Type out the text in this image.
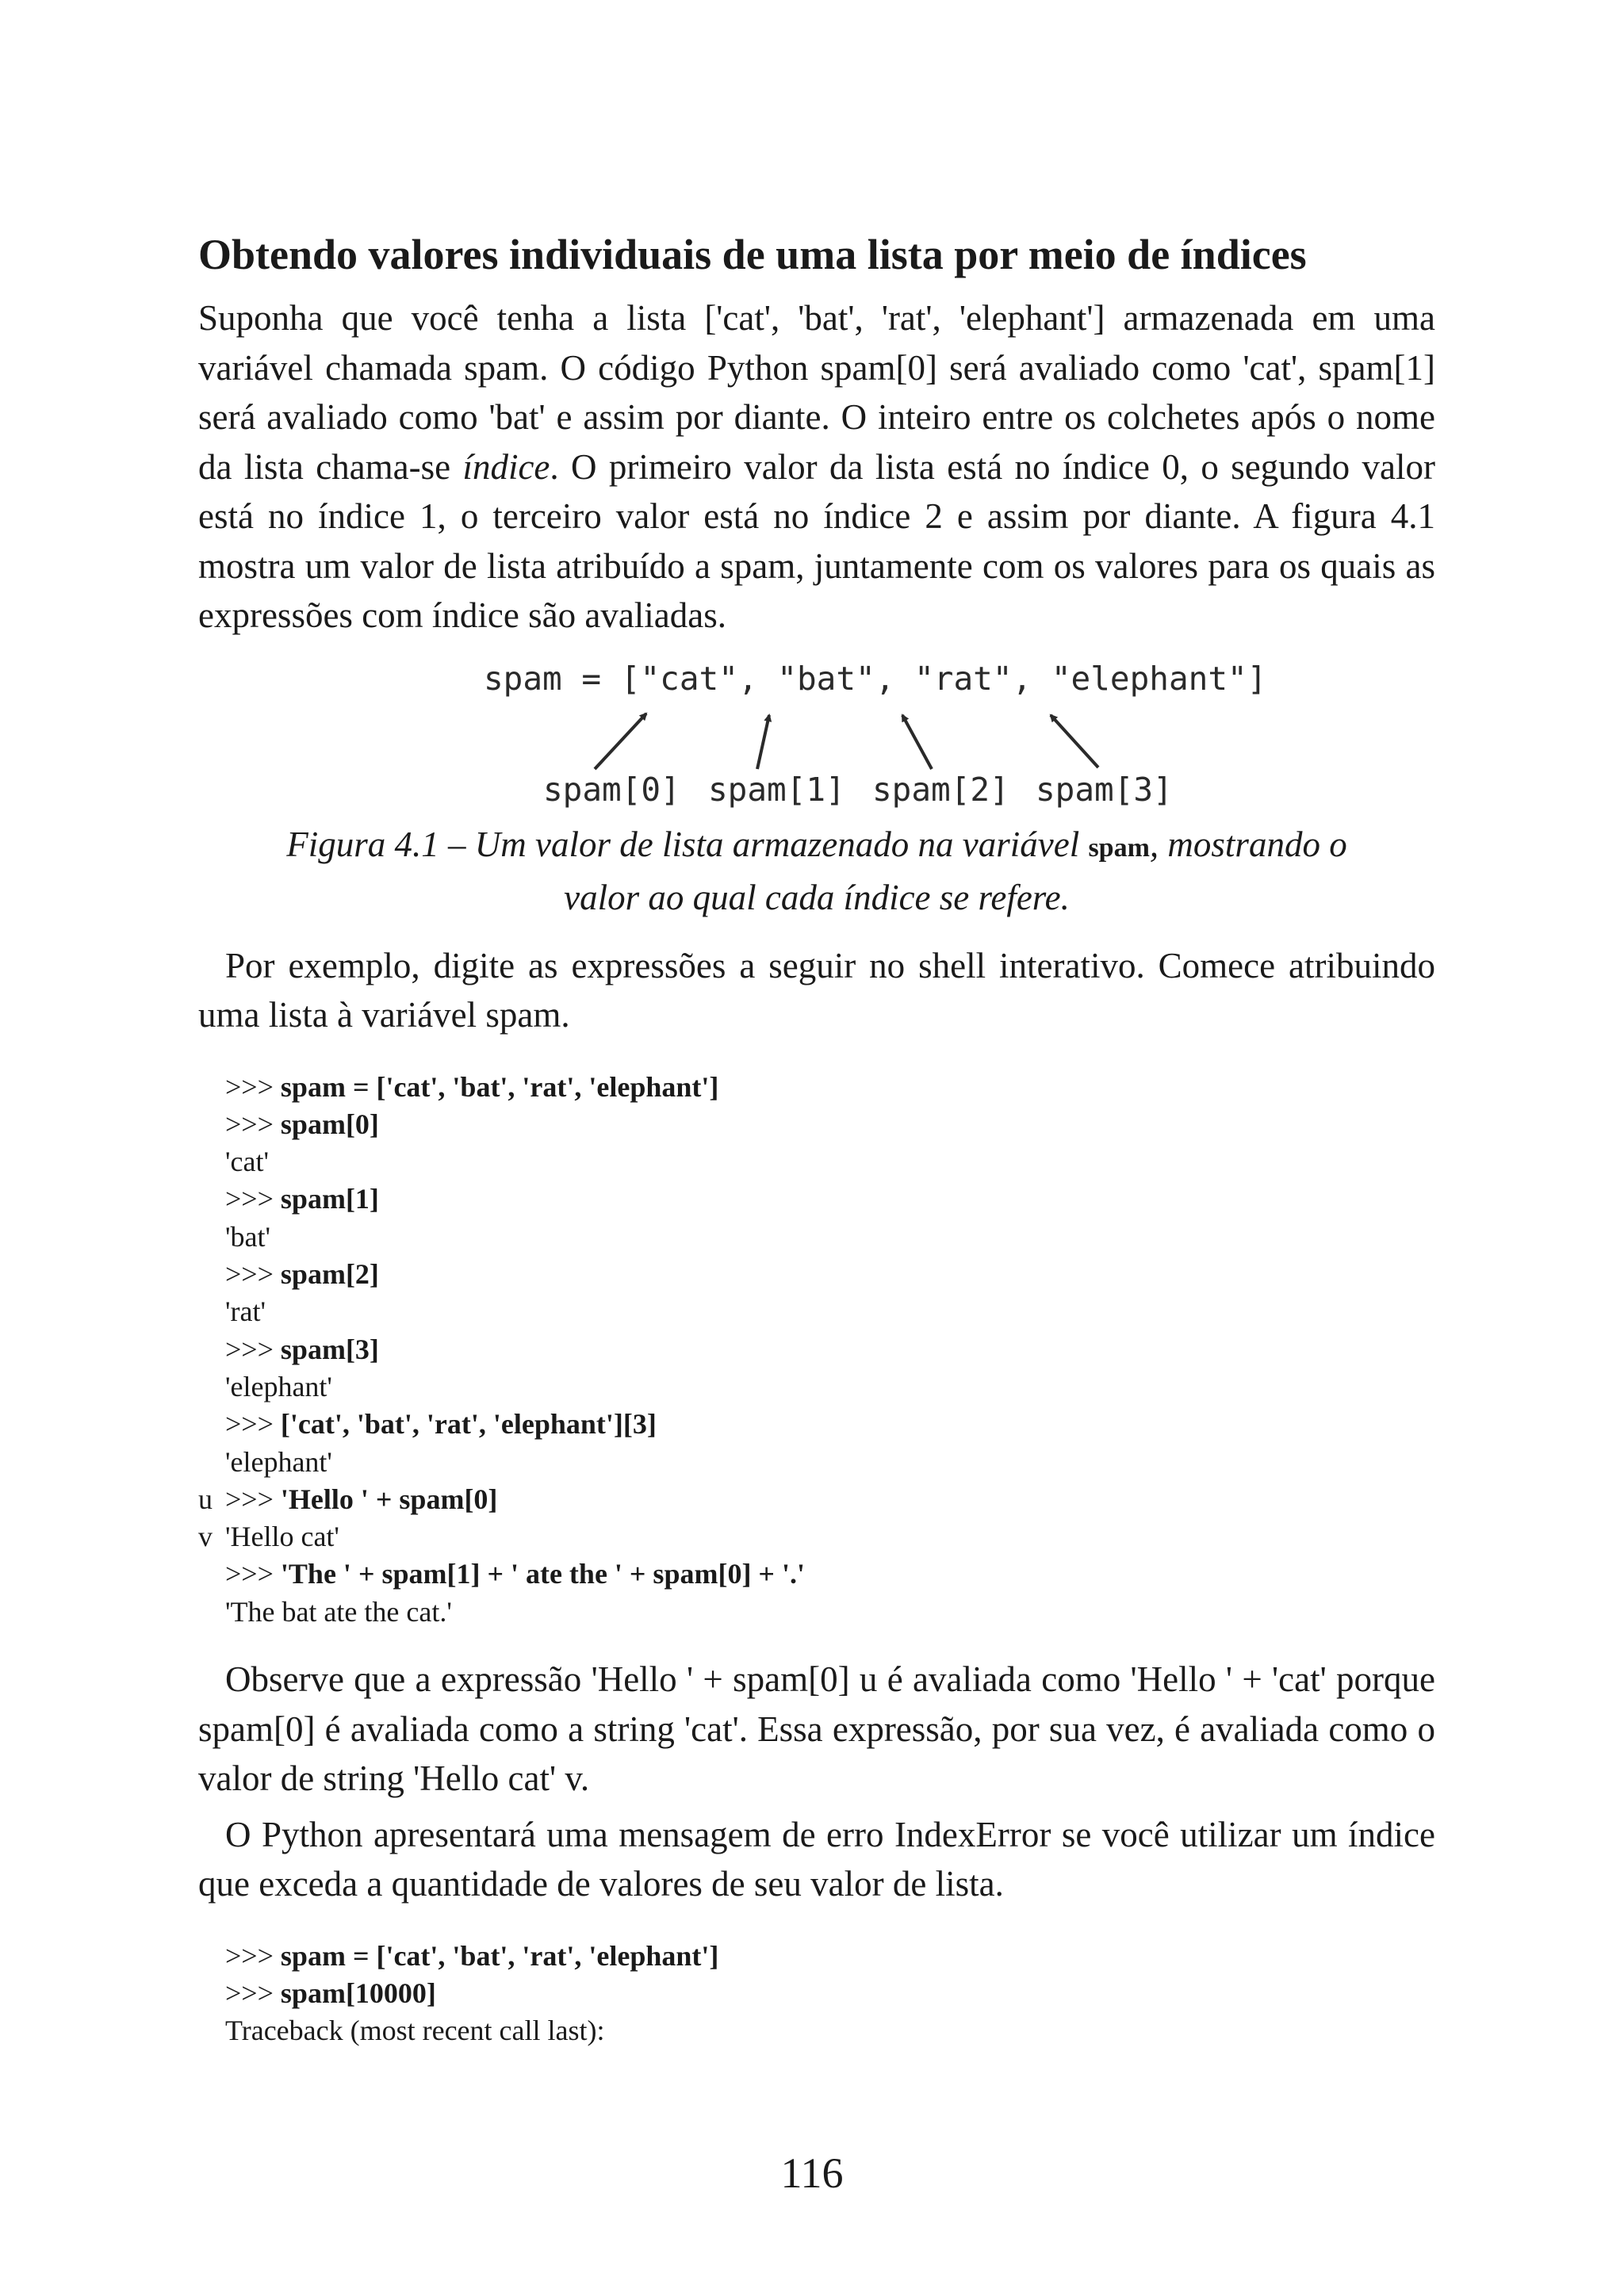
Obtendo valores individuais de uma lista por meio de índices

Suponha que você tenha a lista ['cat', 'bat', 'rat', 'elephant'] armazenada em uma variável chamada spam. O código Python spam[0] será avaliado como 'cat', spam[1] será avaliado como 'bat' e assim por diante. O inteiro entre os colchetes após o nome da lista chama-se índice. O primeiro valor da lista está no índice 0, o segundo valor está no índice 1, o terceiro valor está no índice 2 e assim por diante. A figura 4.1 mostra um valor de lista atribuído a spam, juntamente com os valores para os quais as expressões com índice são avaliadas.

spam = ["cat", "bat", "rat", "elephant"]
spam[0] spam[1] spam[2] spam[3]
Figura 4.1 – Um valor de lista armazenado na variável spam, mostrando o
valor ao qual cada índice se refere.

Por exemplo, digite as expressões a seguir no shell interativo. Comece atribuindo uma lista à variável spam.

>>> spam = ['cat', 'bat', 'rat', 'elephant']
>>> spam[0]
'cat'
>>> spam[1]
'bat'
>>> spam[2]
'rat'
>>> spam[3]
'elephant'
>>> ['cat', 'bat', 'rat', 'elephant'][3]
'elephant'
u >>> 'Hello ' + spam[0]
v 'Hello cat'
>>> 'The ' + spam[1] + ' ate the ' + spam[0] + '.'
'The bat ate the cat.'

Observe que a expressão 'Hello ' + spam[0] u é avaliada como 'Hello ' + 'cat' porque spam[0] é avaliada como a string 'cat'. Essa expressão, por sua vez, é avaliada como o valor de string 'Hello cat' v.

O Python apresentará uma mensagem de erro IndexError se você utilizar um índice que exceda a quantidade de valores de seu valor de lista.

>>> spam = ['cat', 'bat', 'rat', 'elephant']
>>> spam[10000]
Traceback (most recent call last):
116
